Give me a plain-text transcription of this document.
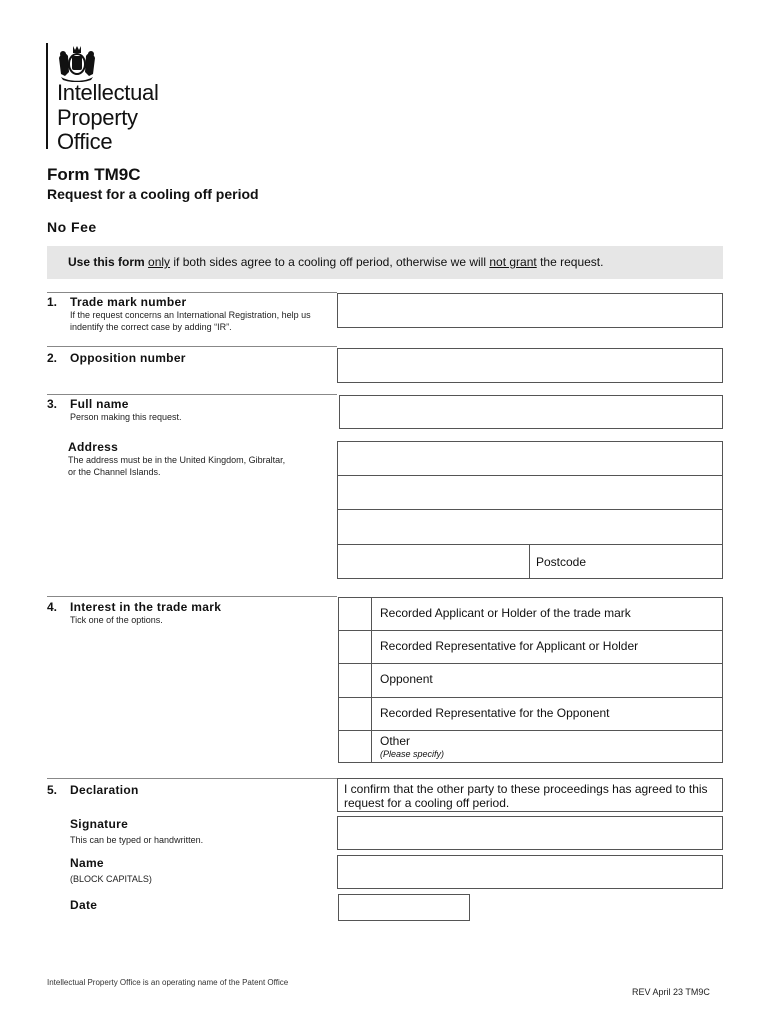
Intellectual
Property
Office
Form TM9C
Request for a cooling off period
No Fee
Use this form only if both sides agree to a cooling off period, otherwise we will not grant the request.
1. Trade mark number
If the request concerns an International Registration, help us indentify the correct case by adding “IR”.
2. Opposition number
3. Full name
Person making this request.
Address
The address must be in the United Kingdom, Gibraltar, or the Channel Islands.
Postcode
4. Interest in the trade mark
Tick one of the options.	Recorded Applicant or Holder of the trade mark
Recorded Representative for Applicant or Holder
Opponent
Recorded Representative for the Opponent
Other
(Please specify)
5. Declaration	I confirm that the other party to these proceedings has agreed to this request for a cooling off period.
Signature
This can be typed or handwritten.
Name
(BLOCK CAPITALS)
Date
Intellectual Property Office is an operating name of the Patent Office
REV April 23 TM9C
